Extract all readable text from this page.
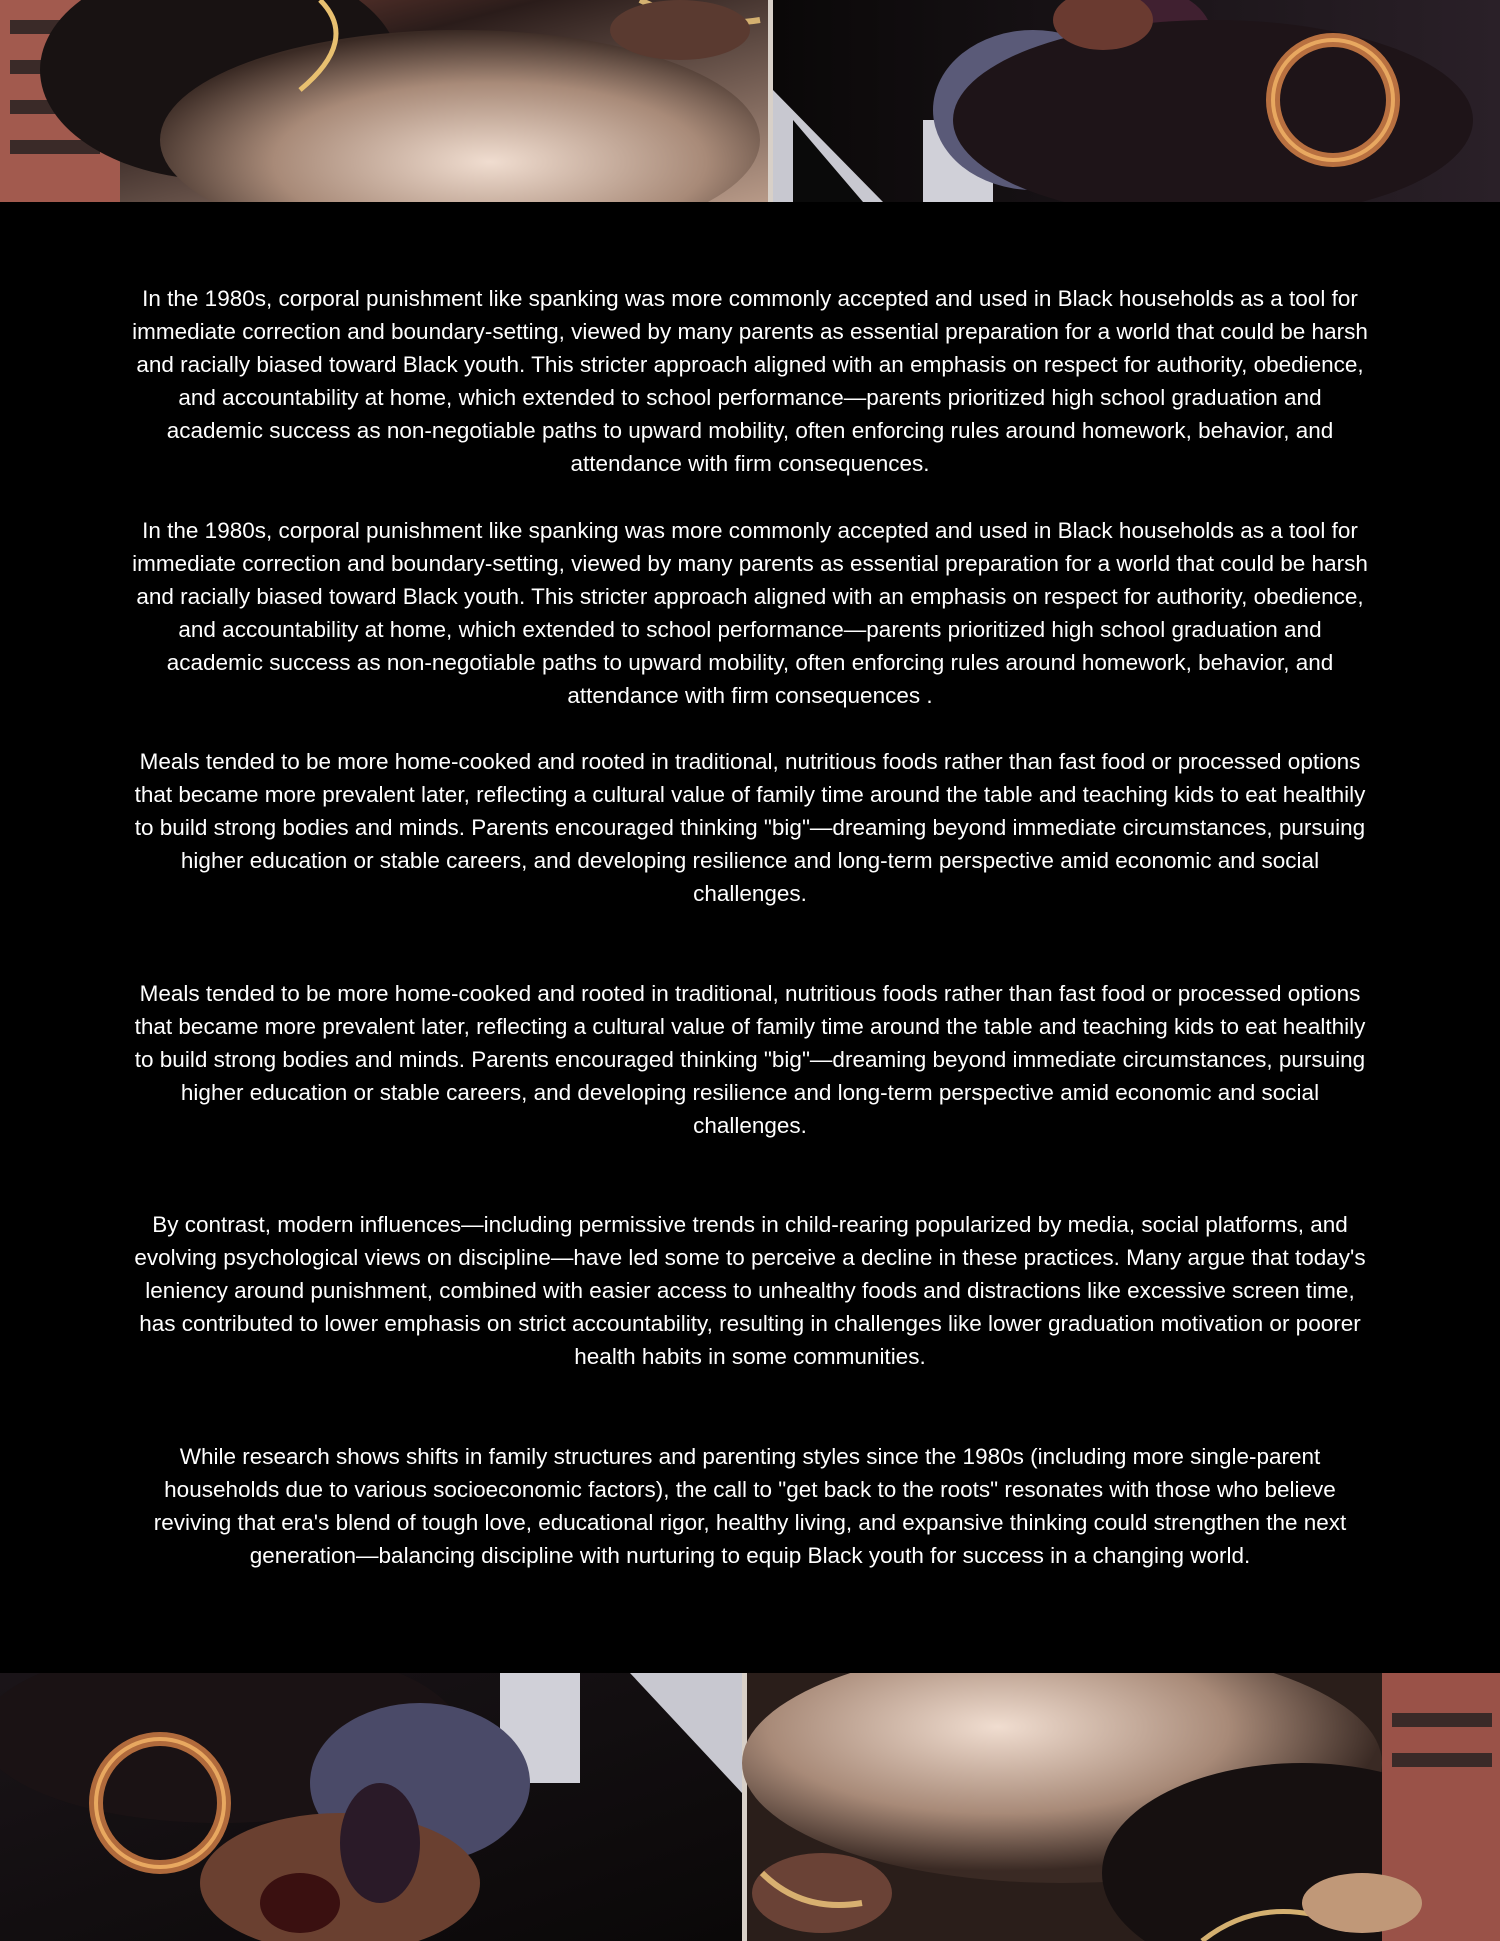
In the 1980s, corporal punishment like spanking was more commonly accepted and used in Black households as a tool for immediate correction and boundary-setting, viewed by many parents as essential preparation for a world that could be harsh and racially biased toward Black youth. This stricter approach aligned with an emphasis on respect for authority, obedience, and accountability at home, which extended to school performance—parents prioritized high school graduation and academic success as non-negotiable paths to upward mobility, often enforcing rules around homework, behavior, and attendance with firm consequences.

In the 1980s, corporal punishment like spanking was more commonly accepted and used in Black households as a tool for immediate correction and boundary-setting, viewed by many parents as essential preparation for a world that could be harsh and racially biased toward Black youth. This stricter approach aligned with an emphasis on respect for authority, obedience, and accountability at home, which extended to school performance—parents prioritized high school graduation and academic success as non-negotiable paths to upward mobility, often enforcing rules around homework, behavior, and attendance with firm consequences .

Meals tended to be more home-cooked and rooted in traditional, nutritious foods rather than fast food or processed options that became more prevalent later, reflecting a cultural value of family time around the table and teaching kids to eat healthily to build strong bodies and minds. Parents encouraged thinking "big"—dreaming beyond immediate circumstances, pursuing higher education or stable careers, and developing resilience and long-term perspective amid economic and social challenges.

Meals tended to be more home-cooked and rooted in traditional, nutritious foods rather than fast food or processed options that became more prevalent later, reflecting a cultural value of family time around the table and teaching kids to eat healthily to build strong bodies and minds. Parents encouraged thinking "big"—dreaming beyond immediate circumstances, pursuing higher education or stable careers, and developing resilience and long-term perspective amid economic and social challenges.

By contrast, modern influences—including permissive trends in child-rearing popularized by media, social platforms, and evolving psychological views on discipline—have led some to perceive a decline in these practices. Many argue that today's leniency around punishment, combined with easier access to unhealthy foods and distractions like excessive screen time, has contributed to lower emphasis on strict accountability, resulting in challenges like lower graduation motivation or poorer health habits in some communities.

While research shows shifts in family structures and parenting styles since the 1980s (including more single-parent households due to various socioeconomic factors), the call to "get back to the roots" resonates with those who believe reviving that era's blend of tough love, educational rigor, healthy living, and expansive thinking could strengthen the next generation—balancing discipline with nurturing to equip Black youth for success in a changing world.
